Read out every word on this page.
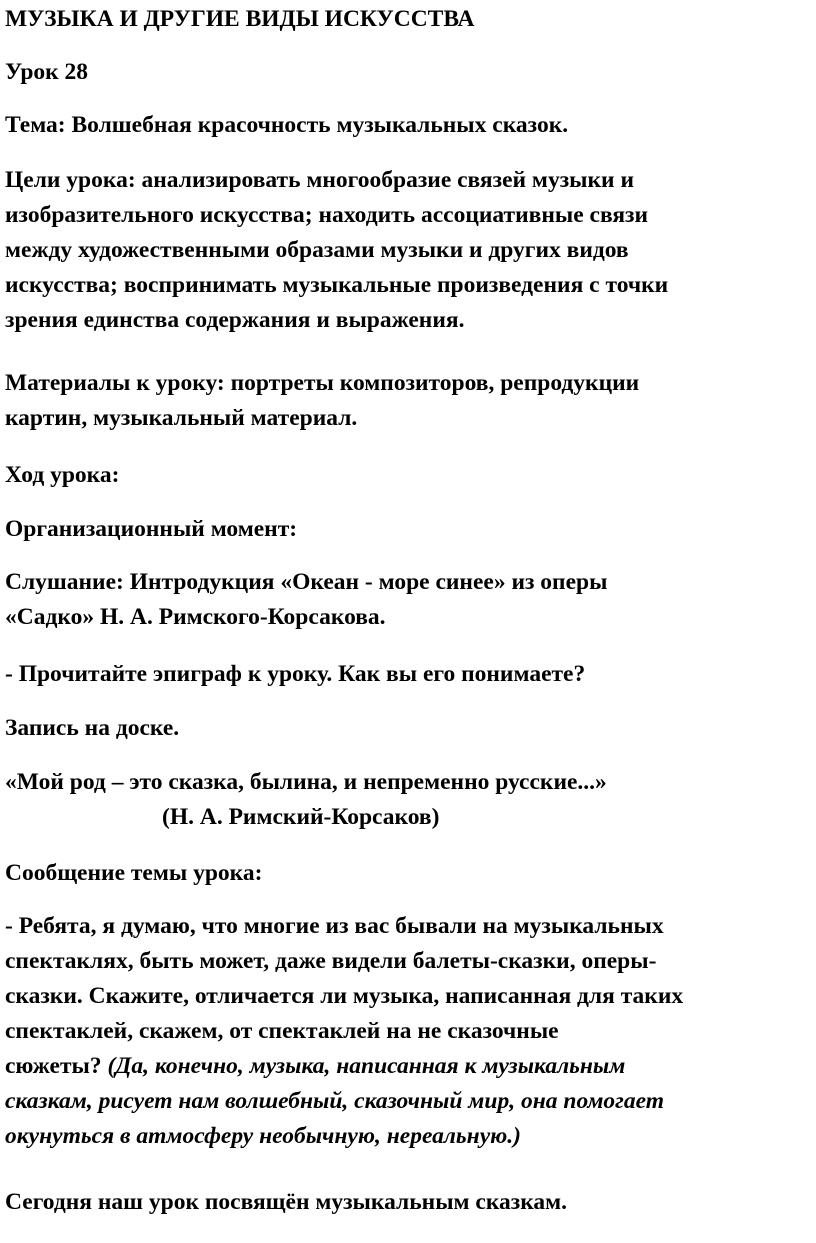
МУЗЫКА И ДРУГИЕ ВИДЫ ИСКУССТВА

Урок 28

Тема: Волшебная красочность музыкальных сказок.

Цели урока: анализировать многообразие связей музыки и
изобразительного искусства; находить ассоциативные связи
между художественными образами музыки и других видов
искусства; воспринимать музыкальные произведения с точки
зрения единства содержания и выражения.

Материалы к уроку: портреты композиторов, репродукции
картин, музыкальный материал.

Ход урока:

Организационный момент:

Слушание: Интродукция «Океан - море синее» из оперы
«Садко» Н. А. Римского-Корсакова.

- Прочитайте эпиграф к уроку. Как вы его понимаете?

Запись на доске.

«Мой род – это сказка, былина, и непременно русские...»
(Н. А. Римский-Корсаков)

Сообщение темы урока:

- Ребята, я думаю, что многие из вас бывали на музыкальных
спектаклях, быть может, даже видели балеты-сказки, оперы-
сказки. Скажите, отличается ли музыка, написанная для таких
спектаклей, скажем, от спектаклей на не сказочные
сюжеты? (Да, конечно, музыка, написанная к музыкальным
сказкам, рисует нам волшебный, сказочный мир, она помогает
окунуться в атмосферу необычную, нереальную.)

Сегодня наш урок посвящён музыкальным сказкам.
